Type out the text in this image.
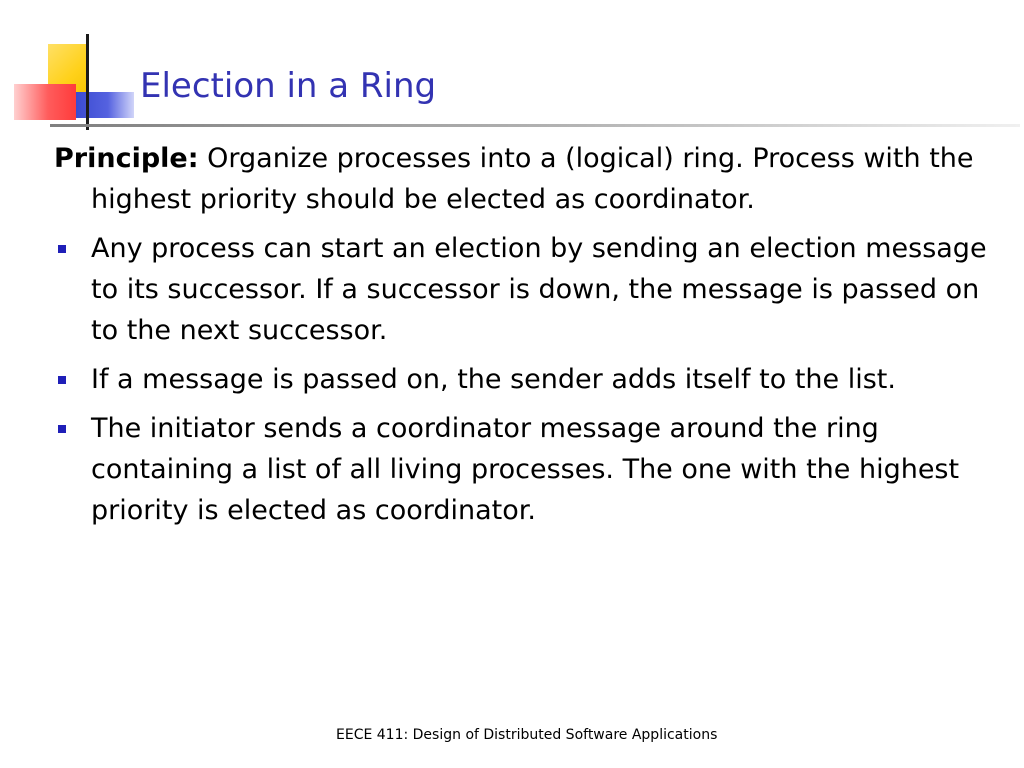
Election in a Ring

Principle: Organize processes into a (logical) ring. Process with the highest priority should be elected as coordinator.

Any process can start an election by sending an election message to its successor. If a successor is down, the message is passed on to the next successor.
If a message is passed on, the sender adds itself to the list.
The initiator sends a coordinator message around the ring containing a list of all living processes. The one with the highest priority is elected as coordinator.
EECE 411: Design of Distributed Software Applications
